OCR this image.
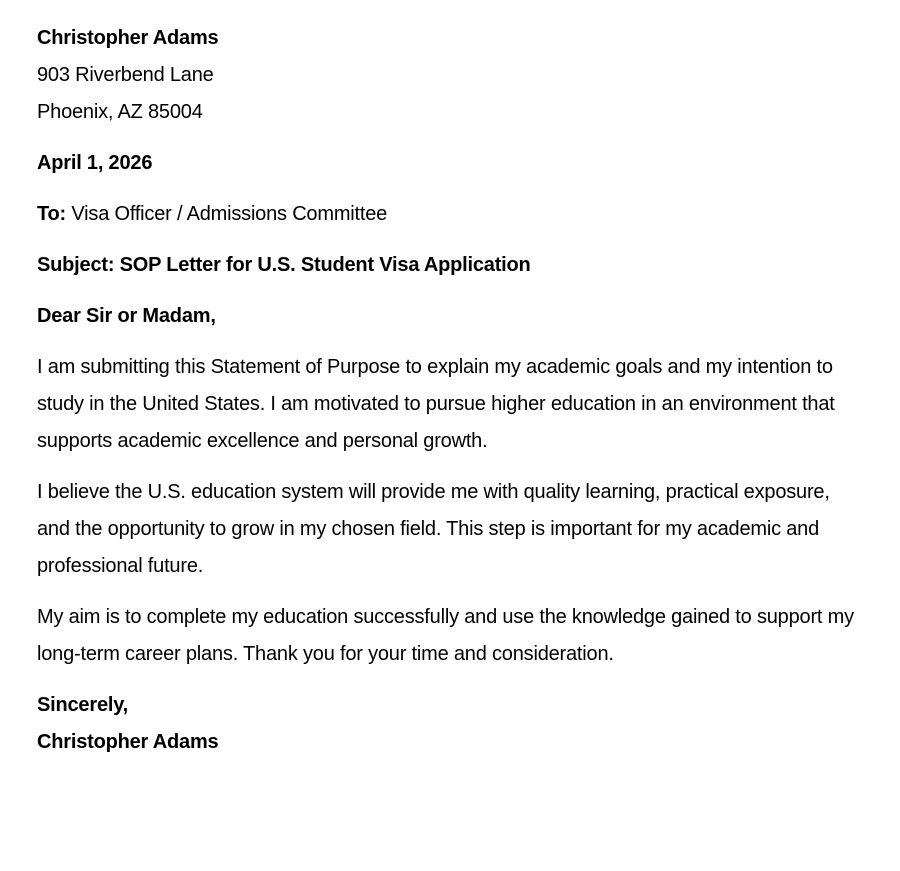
Christopher Adams
903 Riverbend Lane
Phoenix, AZ 85004
April 1, 2026
To: Visa Officer / Admissions Committee
Subject: SOP Letter for U.S. Student Visa Application
Dear Sir or Madam,
I am submitting this Statement of Purpose to explain my academic goals and my intention to study in the United States. I am motivated to pursue higher education in an environment that supports academic excellence and personal growth.
I believe the U.S. education system will provide me with quality learning, practical exposure, and the opportunity to grow in my chosen field. This step is important for my academic and professional future.
My aim is to complete my education successfully and use the knowledge gained to support my long-term career plans. Thank you for your time and consideration.
Sincerely,
Christopher Adams
